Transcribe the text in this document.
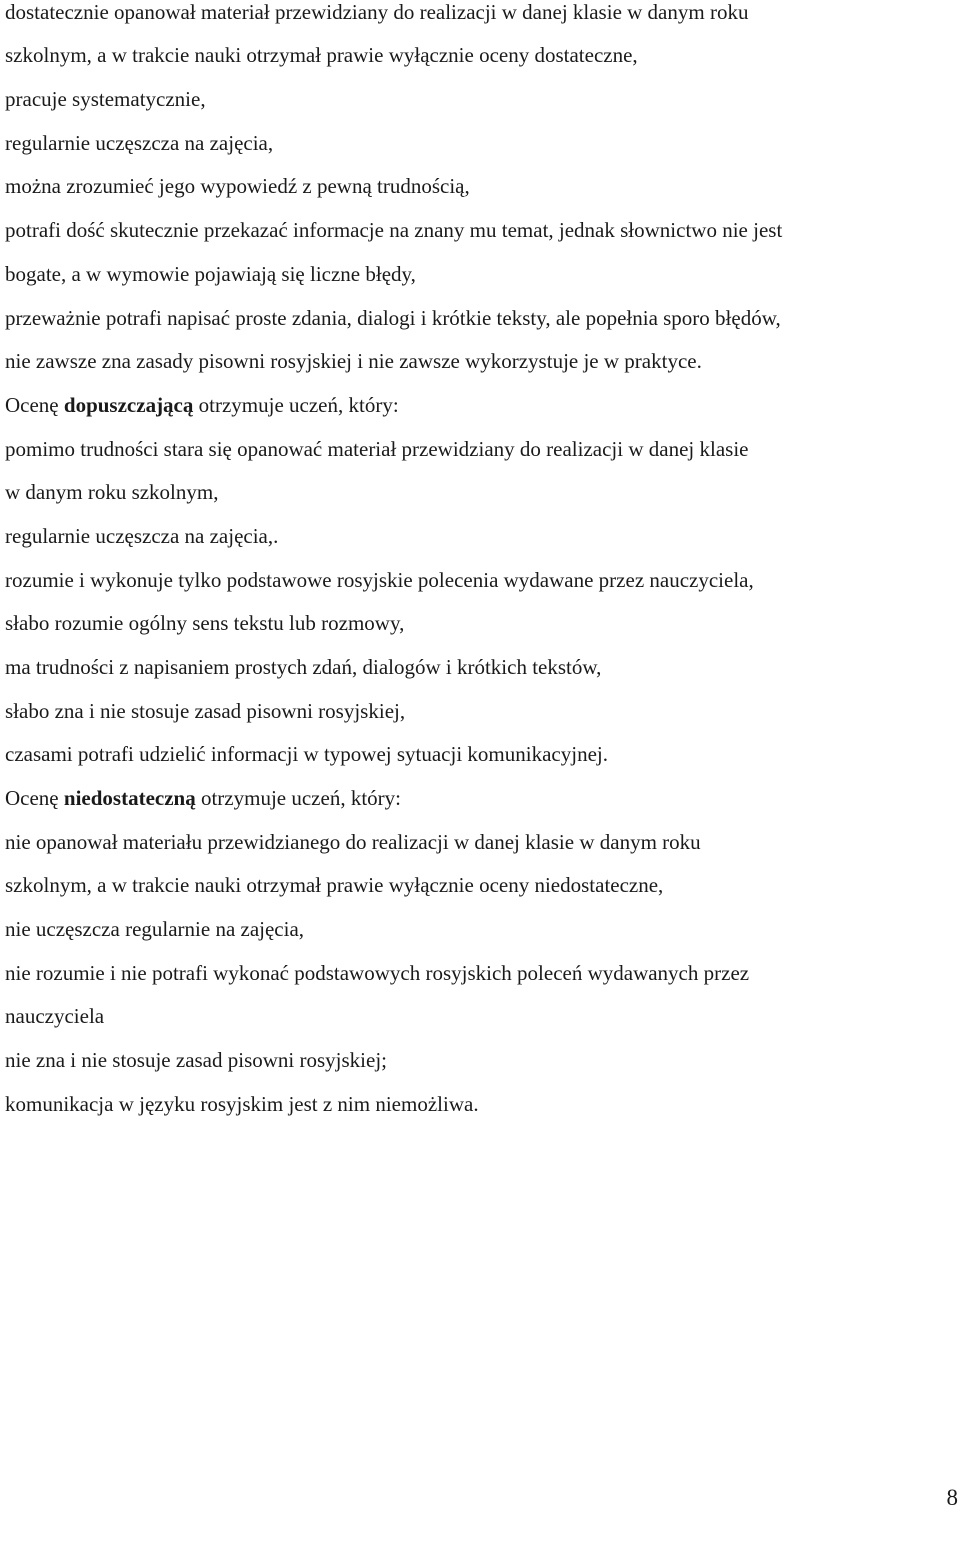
dostatecznie opanował materiał przewidziany do realizacji w danej klasie w danym roku
szkolnym, a w trakcie nauki otrzymał prawie wyłącznie oceny dostateczne,
pracuje systematycznie,
regularnie uczęszcza na zajęcia,
można zrozumieć jego wypowiedź z pewną trudnością,
potrafi dość skutecznie przekazać informacje na znany mu temat, jednak słownictwo nie jest
bogate, a w wymowie pojawiają się liczne błędy,
przeważnie potrafi napisać proste zdania, dialogi i krótkie teksty, ale popełnia sporo błędów,
nie zawsze zna zasady pisowni rosyjskiej i nie zawsze wykorzystuje je w praktyce.
Ocenę dopuszczającą otrzymuje uczeń, który:
pomimo trudności stara się opanować materiał przewidziany do realizacji w danej klasie
w danym roku szkolnym,
regularnie uczęszcza na zajęcia,.
rozumie i wykonuje tylko podstawowe rosyjskie polecenia wydawane przez nauczyciela,
słabo rozumie ogólny sens tekstu lub rozmowy,
ma trudności z napisaniem prostych zdań, dialogów i krótkich tekstów,
słabo zna i nie stosuje zasad pisowni rosyjskiej,
czasami potrafi udzielić informacji w typowej sytuacji komunikacyjnej.
Ocenę niedostateczną otrzymuje uczeń, który:
nie opanował materiału przewidzianego do realizacji w danej klasie w danym roku
szkolnym, a w trakcie nauki otrzymał prawie wyłącznie oceny niedostateczne,
nie uczęszcza regularnie na zajęcia,
nie rozumie i nie potrafi wykonać podstawowych rosyjskich poleceń wydawanych przez
nauczyciela
nie zna i nie stosuje zasad pisowni rosyjskiej;
komunikacja w języku rosyjskim jest z nim niemożliwa.
8
